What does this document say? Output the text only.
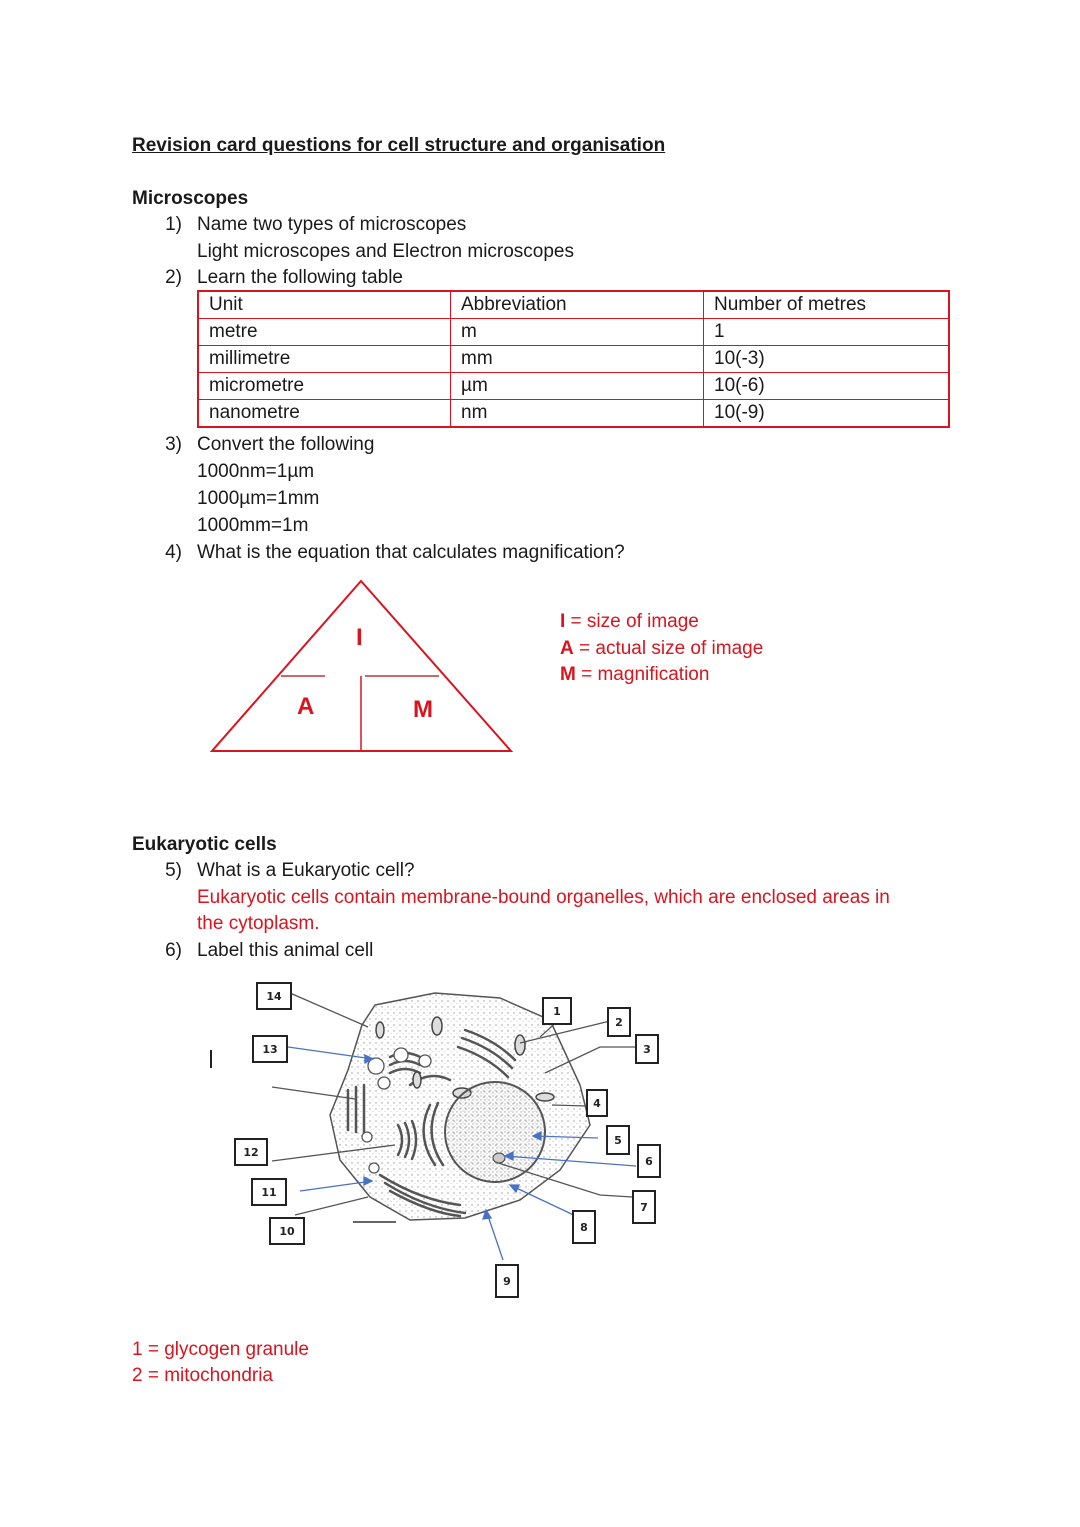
Revision card questions for cell structure and organisation
Microscopes
1) Name two types of microscopes
Light microscopes and Electron microscopes
2) Learn the following table
Unit	Abbreviation	Number of metres
metre	m	1
millimetre	mm	10(-3)
micrometre	µm	10(-6)
nanometre	nm	10(-9)
3) Convert the following
1000nm=1µm
1000µm=1mm
1000mm=1m
4) What is the equation that calculates magnification?
I
A	M
I = size of image
A = actual size of image
M = magnification
Eukaryotic cells
5) What is a Eukaryotic cell?
Eukaryotic cells contain membrane-bound organelles, which are enclosed areas in
the cytoplasm.
6) Label this animal cell
1
2
3
4
5
6
7
8
9
10
11
12
13
14
1 = glycogen granule
2 = mitochondria
